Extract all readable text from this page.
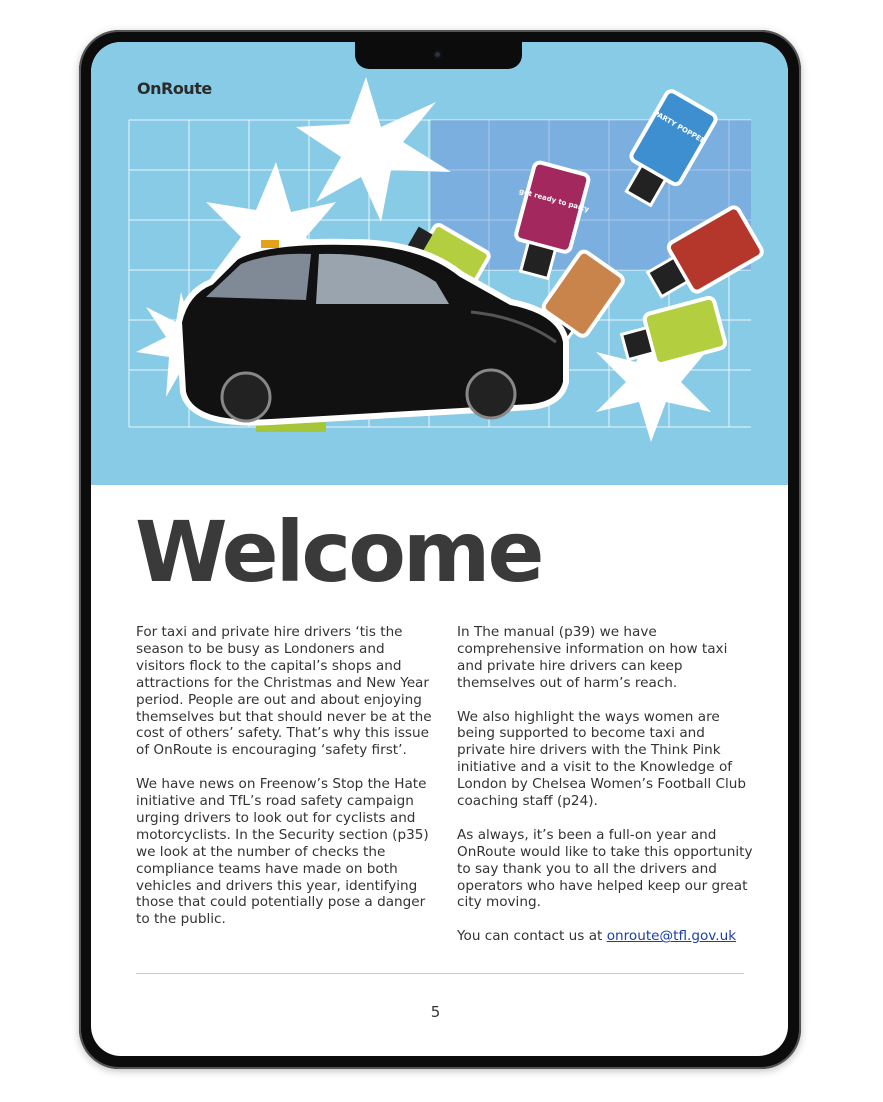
PARTY POPPER
get ready to party
OnRoute
Welcome

For taxi and private hire drivers ‘tis the season to be busy as Londoners and visitors flock to the capital’s shops and attractions for the Christmas and New Year period. People are out and about enjoying themselves but that should never be at the cost of others’ safety. That’s why this issue of OnRoute is encouraging ‘safety first’.

We have news on Freenow’s Stop the Hate initiative and TfL’s road safety campaign urging drivers to look out for cyclists and motorcyclists. In the Security section (p35) we look at the number of checks the compliance teams have made on both vehicles and drivers this year, identifying those that could potentially pose a danger to the public.

In The manual (p39) we have comprehensive information on how taxi and private hire drivers can keep themselves out of harm’s reach.

We also highlight the ways women are being supported to become taxi and private hire drivers with the Think Pink initiative and a visit to the Knowledge of London by Chelsea Women’s Football Club coaching staff (p24).

As always, it’s been a full-on year and OnRoute would like to take this opportunity to say thank you to all the drivers and operators who have helped keep our great city moving.

You can contact us at onroute@tfl.gov.uk

5
